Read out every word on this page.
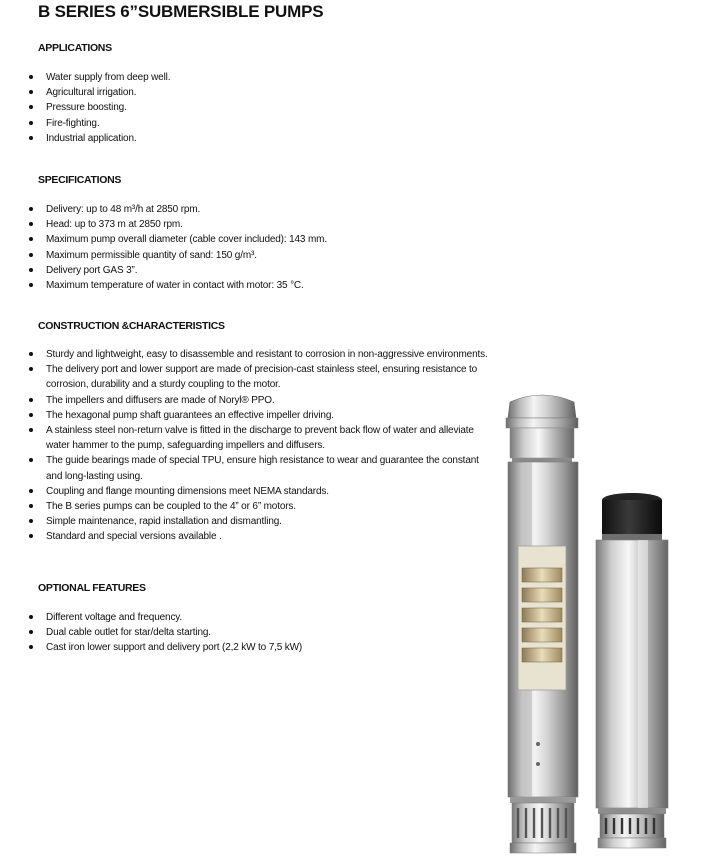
B SERIES 6”SUBMERSIBLE PUMPS
APPLICATIONS
Water supply from deep well.
Agricultural irrigation.
Pressure boosting.
Fire-fighting.
Industrial application.
SPECIFICATIONS
Delivery: up to 48 m³/h at 2850 rpm.
Head: up to 373 m at 2850 rpm.
Maximum pump overall diameter (cable cover included): 143 mm.
Maximum permissible quantity of sand: 150 g/m³.
Delivery port GAS 3”.
Maximum temperature of water in contact with motor: 35 °C.
CONSTRUCTION &CHARACTERISTICS
Sturdy and lightweight, easy to disassemble and resistant to corrosion in non-aggressive environments.
The delivery port and lower support are made of precision-cast stainless steel, ensuring resistance to corrosion, durability and a sturdy coupling to the motor.
The impellers and diffusers are made of Noryl® PPO.
The hexagonal pump shaft guarantees an effective impeller driving.
A stainless steel non-return valve is fitted in the discharge to prevent back flow of water and alleviate water hammer to the pump, safeguarding impellers and diffusers.
The guide bearings made of special TPU, ensure high resistance to wear and guarantee the constant and long-lasting using.
Coupling and flange mounting dimensions meet NEMA standards.
The B series pumps can be coupled to the 4” or 6” motors.
Simple maintenance, rapid installation and dismantling.
Standard and special versions available .
OPTIONAL FEATURES
Different voltage and frequency.
Dual cable outlet for star/delta starting.
Cast iron lower support and delivery port (2,2 kW to 7,5 kW)
